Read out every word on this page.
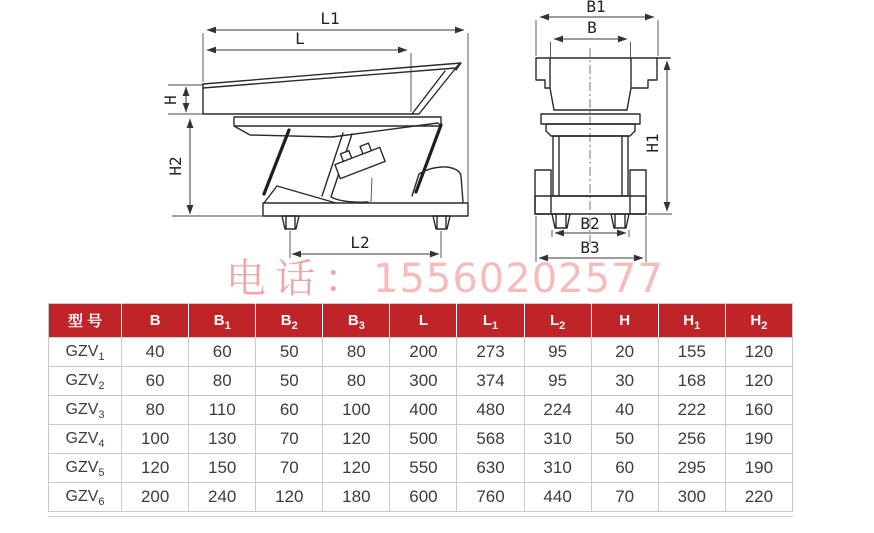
L1
L
H
H2
L2
B1
B
B2
B3
H1
电话：15560202577
型 号	B	$B_1$	$B_2$	$B_3$	L	$L_1$	$L_2$	H	$H_1$	$H_2$
$GZV_1$	40	60	50	80	200	273	95	20	155	120
$GZV_2$	60	80	50	80	300	374	95	30	168	120
$GZV_3$	80	110	60	100	400	480	224	40	222	160
$GZV_4$	100	130	70	120	500	568	310	50	256	190
$GZV_5$	120	150	70	120	550	630	310	60	295	190
$GZV_6$	200	240	120	180	600	760	440	70	300	220
